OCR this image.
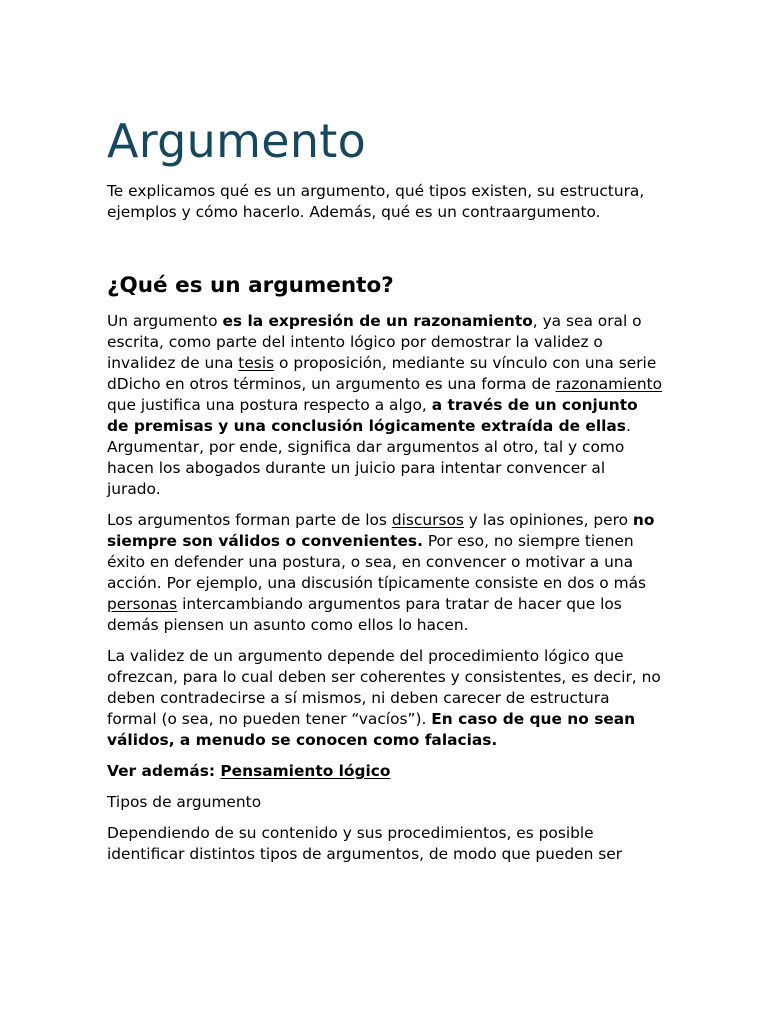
Argumento

Te explicamos qué es un argumento, qué tipos existen, su estructura, ejemplos y cómo hacerlo. Además, qué es un contraargumento.

¿Qué es un argumento?

Un argumento es la expresión de un razonamiento, ya sea oral o escrita, como parte del intento lógico por demostrar la validez o invalidez de una tesis o proposición, mediante su vínculo con una serie dDicho en otros términos, un argumento es una forma de razonamiento que justifica una postura respecto a algo, a través de un conjunto de premisas y una conclusión lógicamente extraída de ellas. Argumentar, por ende, significa dar argumentos al otro, tal y como hacen los abogados durante un juicio para intentar convencer al jurado.

Los argumentos forman parte de los discursos y las opiniones, pero no siempre son válidos o convenientes. Por eso, no siempre tienen éxito en defender una postura, o sea, en convencer o motivar a una acción. Por ejemplo, una discusión típicamente consiste en dos o más personas intercambiando argumentos para tratar de hacer que los demás piensen un asunto como ellos lo hacen.

La validez de un argumento depende del procedimiento lógico que ofrezcan, para lo cual deben ser coherentes y consistentes, es decir, no deben contradecirse a sí mismos, ni deben carecer de estructura formal (o sea, no pueden tener “vacíos”). En caso de que no sean válidos, a menudo se conocen como falacias.

Ver además: Pensamiento lógico

Tipos de argumento

Dependiendo de su contenido y sus procedimientos, es posible identificar distintos tipos de argumentos, de modo que pueden ser
